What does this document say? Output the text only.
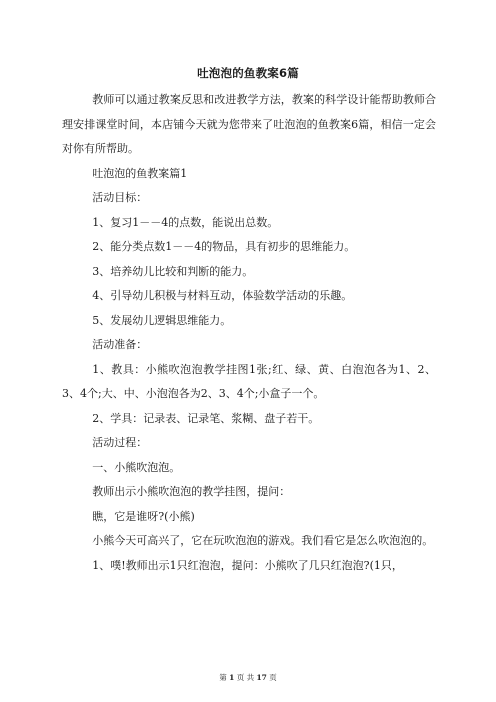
吐泡泡的鱼教案6篇

教师可以通过教案反思和改进教学方法，教案的科学设计能帮助教师合理安排课堂时间，本店铺今天就为您带来了吐泡泡的鱼教案6篇，相信一定会对你有所帮助。

吐泡泡的鱼教案篇1

活动目标：

1、复习1－－4的点数，能说出总数。

2、能分类点数1－－4的物品，具有初步的思维能力。

3、培养幼儿比较和判断的能力。

4、引导幼儿积极与材料互动，体验数学活动的乐趣。

5、发展幼儿逻辑思维能力。

活动准备：

1、教具：小熊吹泡泡教学挂图1张;红、绿、黄、白泡泡各为1、2、3、4个;大、中、小泡泡各为2、3、4个;小盒子一个。

2、学具：记录表、记录笔、浆糊、盘子若干。

活动过程：

一、小熊吹泡泡。

教师出示小熊吹泡泡的教学挂图，提问：

瞧，它是谁呀?(小熊)

小熊今天可高兴了，它在玩吹泡泡的游戏。我们看它是怎么吹泡泡的。

1、噗!教师出示1只红泡泡，提问：小熊吹了几只红泡泡?(1只，

第 1 页 共 17 页
